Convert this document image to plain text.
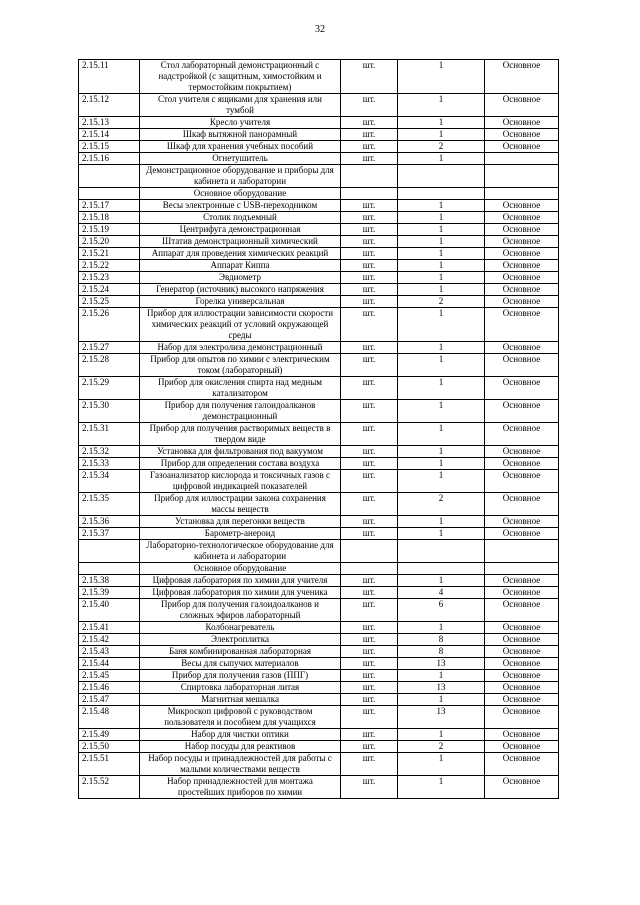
32
2.15.11	Стол лабораторный демонстрационный с надстройкой (с защитным, химостойким и термостойким покрытием)	шт.	1	Основное
2.15.12	Стол учителя с ящиками для хранения или тумбой	шт.	1	Основное
2.15.13	Кресло учителя	шт.	1	Основное
2.15.14	Шкаф вытяжной панорамный	шт.	1	Основное
2.15.15	Шкаф для хранения учебных пособий	шт.	2	Основное
2.15.16	Огнетушитель	шт.	1	
	Демонстрационное оборудование и приборы для кабинета и лаборатории			
	Основное оборудование			
2.15.17	Весы электронные с USB-переходником	шт.	1	Основное
2.15.18	Столик подъемный	шт.	1	Основное
2.15.19	Центрифуга демонстрационная	шт.	1	Основное
2.15.20	Штатив демонстрационный химический	шт.	1	Основное
2.15.21	Аппарат для проведения химических реакций	шт.	1	Основное
2.15.22	Аппарат Киппа	шт.	1	Основное
2.15.23	Эвдиометр	шт.	1	Основное
2.15.24	Генератор (источник) высокого напряжения	шт.	1	Основное
2.15.25	Горелка универсальная	шт.	2	Основное
2.15.26	Прибор для иллюстрации зависимости скорости химических реакций от условий окружающей среды	шт.	1	Основное
2.15.27	Набор для электролиза демонстрационный	шт.	1	Основное
2.15.28	Прибор для опытов по химии с электрическим током (лабораторный)	шт.	1	Основное
2.15.29	Прибор для окисления спирта над медным катализатором	шт.	1	Основное
2.15.30	Прибор для получения галоидоалканов демонстрационный	шт.	1	Основное
2.15.31	Прибор для получения растворимых веществ в твердом виде	шт.	1	Основное
2.15.32	Установка для фильтрования под вакуумом	шт.	1	Основное
2.15.33	Прибор для определения состава воздуха	шт.	1	Основное
2.15.34	Газоанализатор кислорода и токсичных газов с цифровой индикацией показателей	шт.	1	Основное
2.15.35	Прибор для иллюстрации закона сохранения массы веществ	шт.	2	Основное
2.15.36	Установка для перегонки веществ	шт.	1	Основное
2.15.37	Барометр-анероид	шт.	1	Основное
	Лабораторно-технологическое оборудование для кабинета и лаборатории			
	Основное оборудование			
2.15.38	Цифровая лаборатория по химии для учителя	шт.	1	Основное
2.15.39	Цифровая лаборатория по химии для ученика	шт.	4	Основное
2.15.40	Прибор для получения галоидоалканов и сложных эфиров лабораторный	шт.	6	Основное
2.15.41	Колбонагреватель	шт.	1	Основное
2.15.42	Электроплитка	шт.	8	Основное
2.15.43	Баня комбинированная лабораторная	шт.	8	Основное
2.15.44	Весы для сыпучих материалов	шт.	13	Основное
2.15.45	Прибор для получения газов (ППГ)	шт.	1	Основное
2.15.46	Спиртовка лабораторная литая	шт.	13	Основное
2.15.47	Магнитная мешалка	шт.	1	Основное
2.15.48	Микроскоп цифровой с руководством пользователя и пособием для учащихся	шт.	13	Основное
2.15.49	Набор для чистки оптики	шт.	1	Основное
2.15.50	Набор посуды для реактивов	шт.	2	Основное
2.15.51	Набор посуды и принадлежностей для работы с малыми количествами веществ	шт.	1	Основное
2.15.52	Набор принадлежностей для монтажа простейших приборов по химии	шт.	1	Основное
